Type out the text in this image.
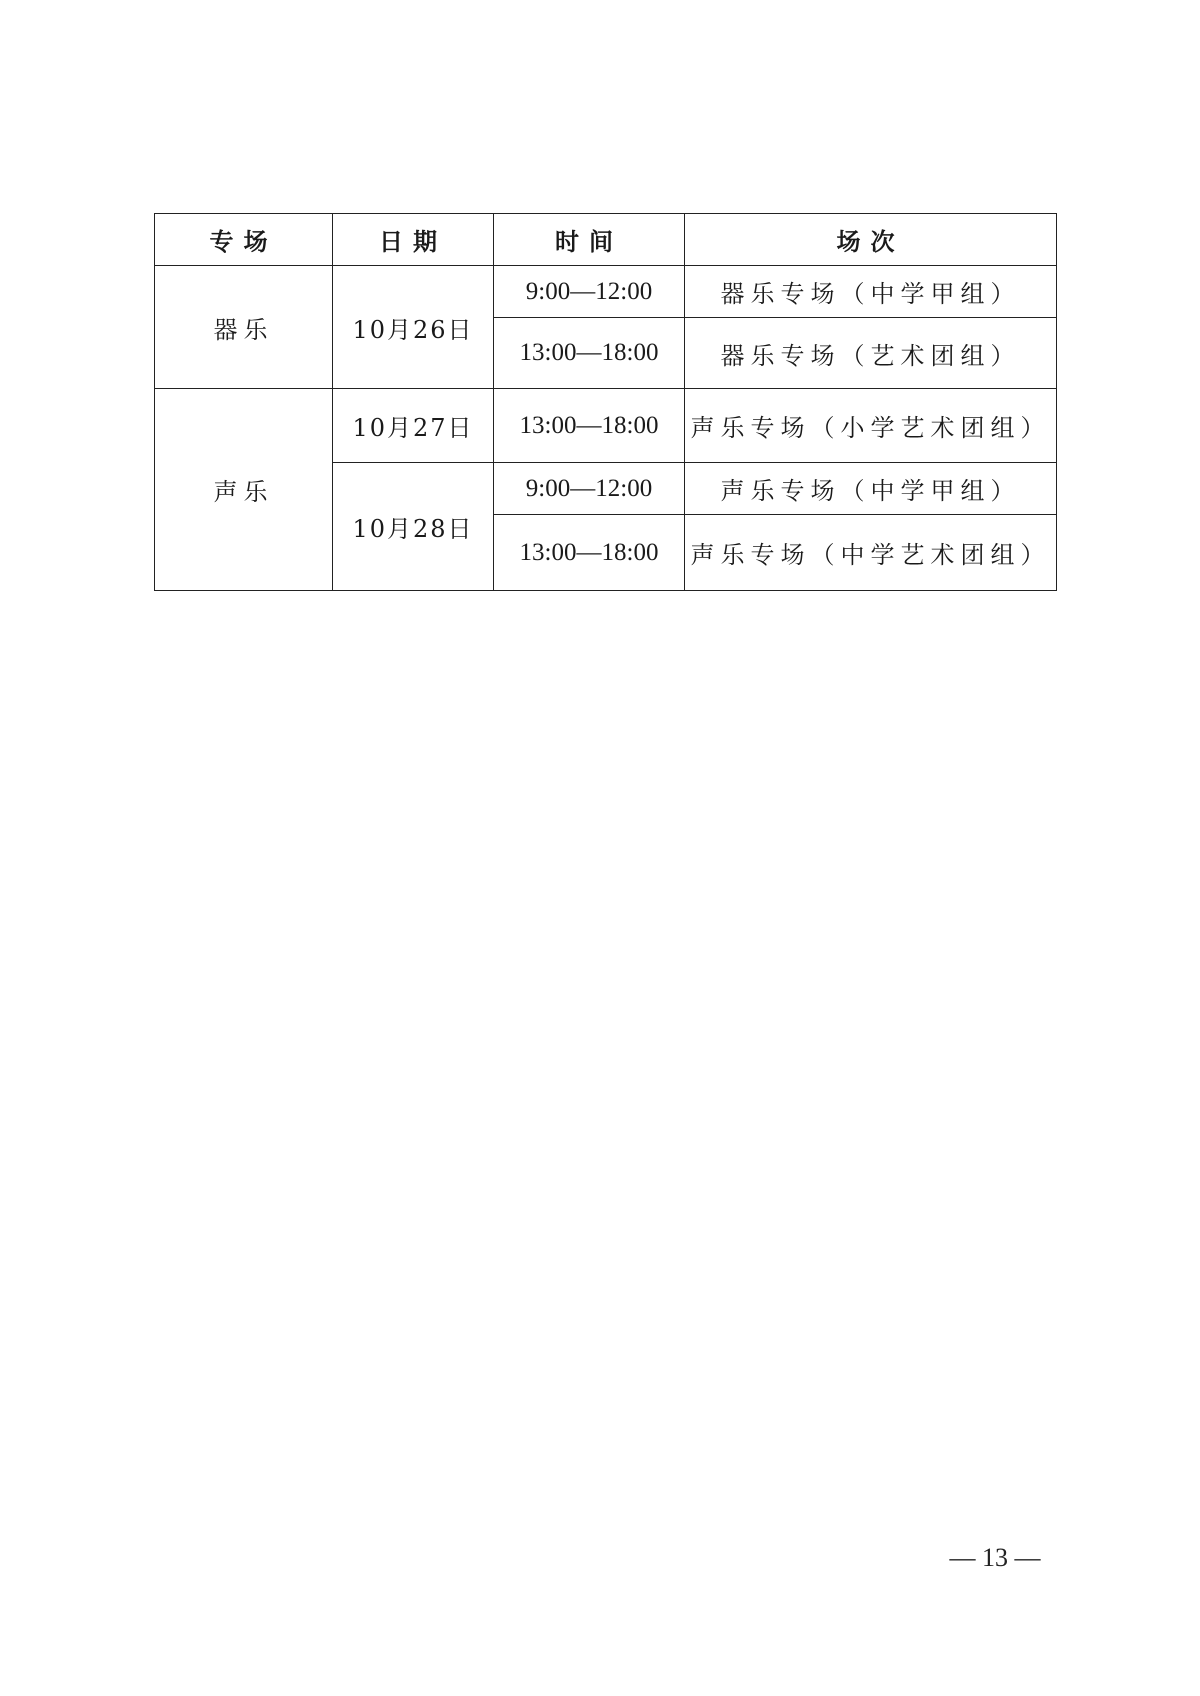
专场	日期	时间	场次
器乐	10月26日	9:00—12:00	器乐专场（中学甲组）
		13:00—18:00	器乐专场（艺术团组）
声乐	10月27日	13:00—18:00	声乐专场（小学艺术团组）
	10月28日	9:00—12:00	声乐专场（中学甲组）
		13:00—18:00	声乐专场（中学艺术团组）
— 13 —
